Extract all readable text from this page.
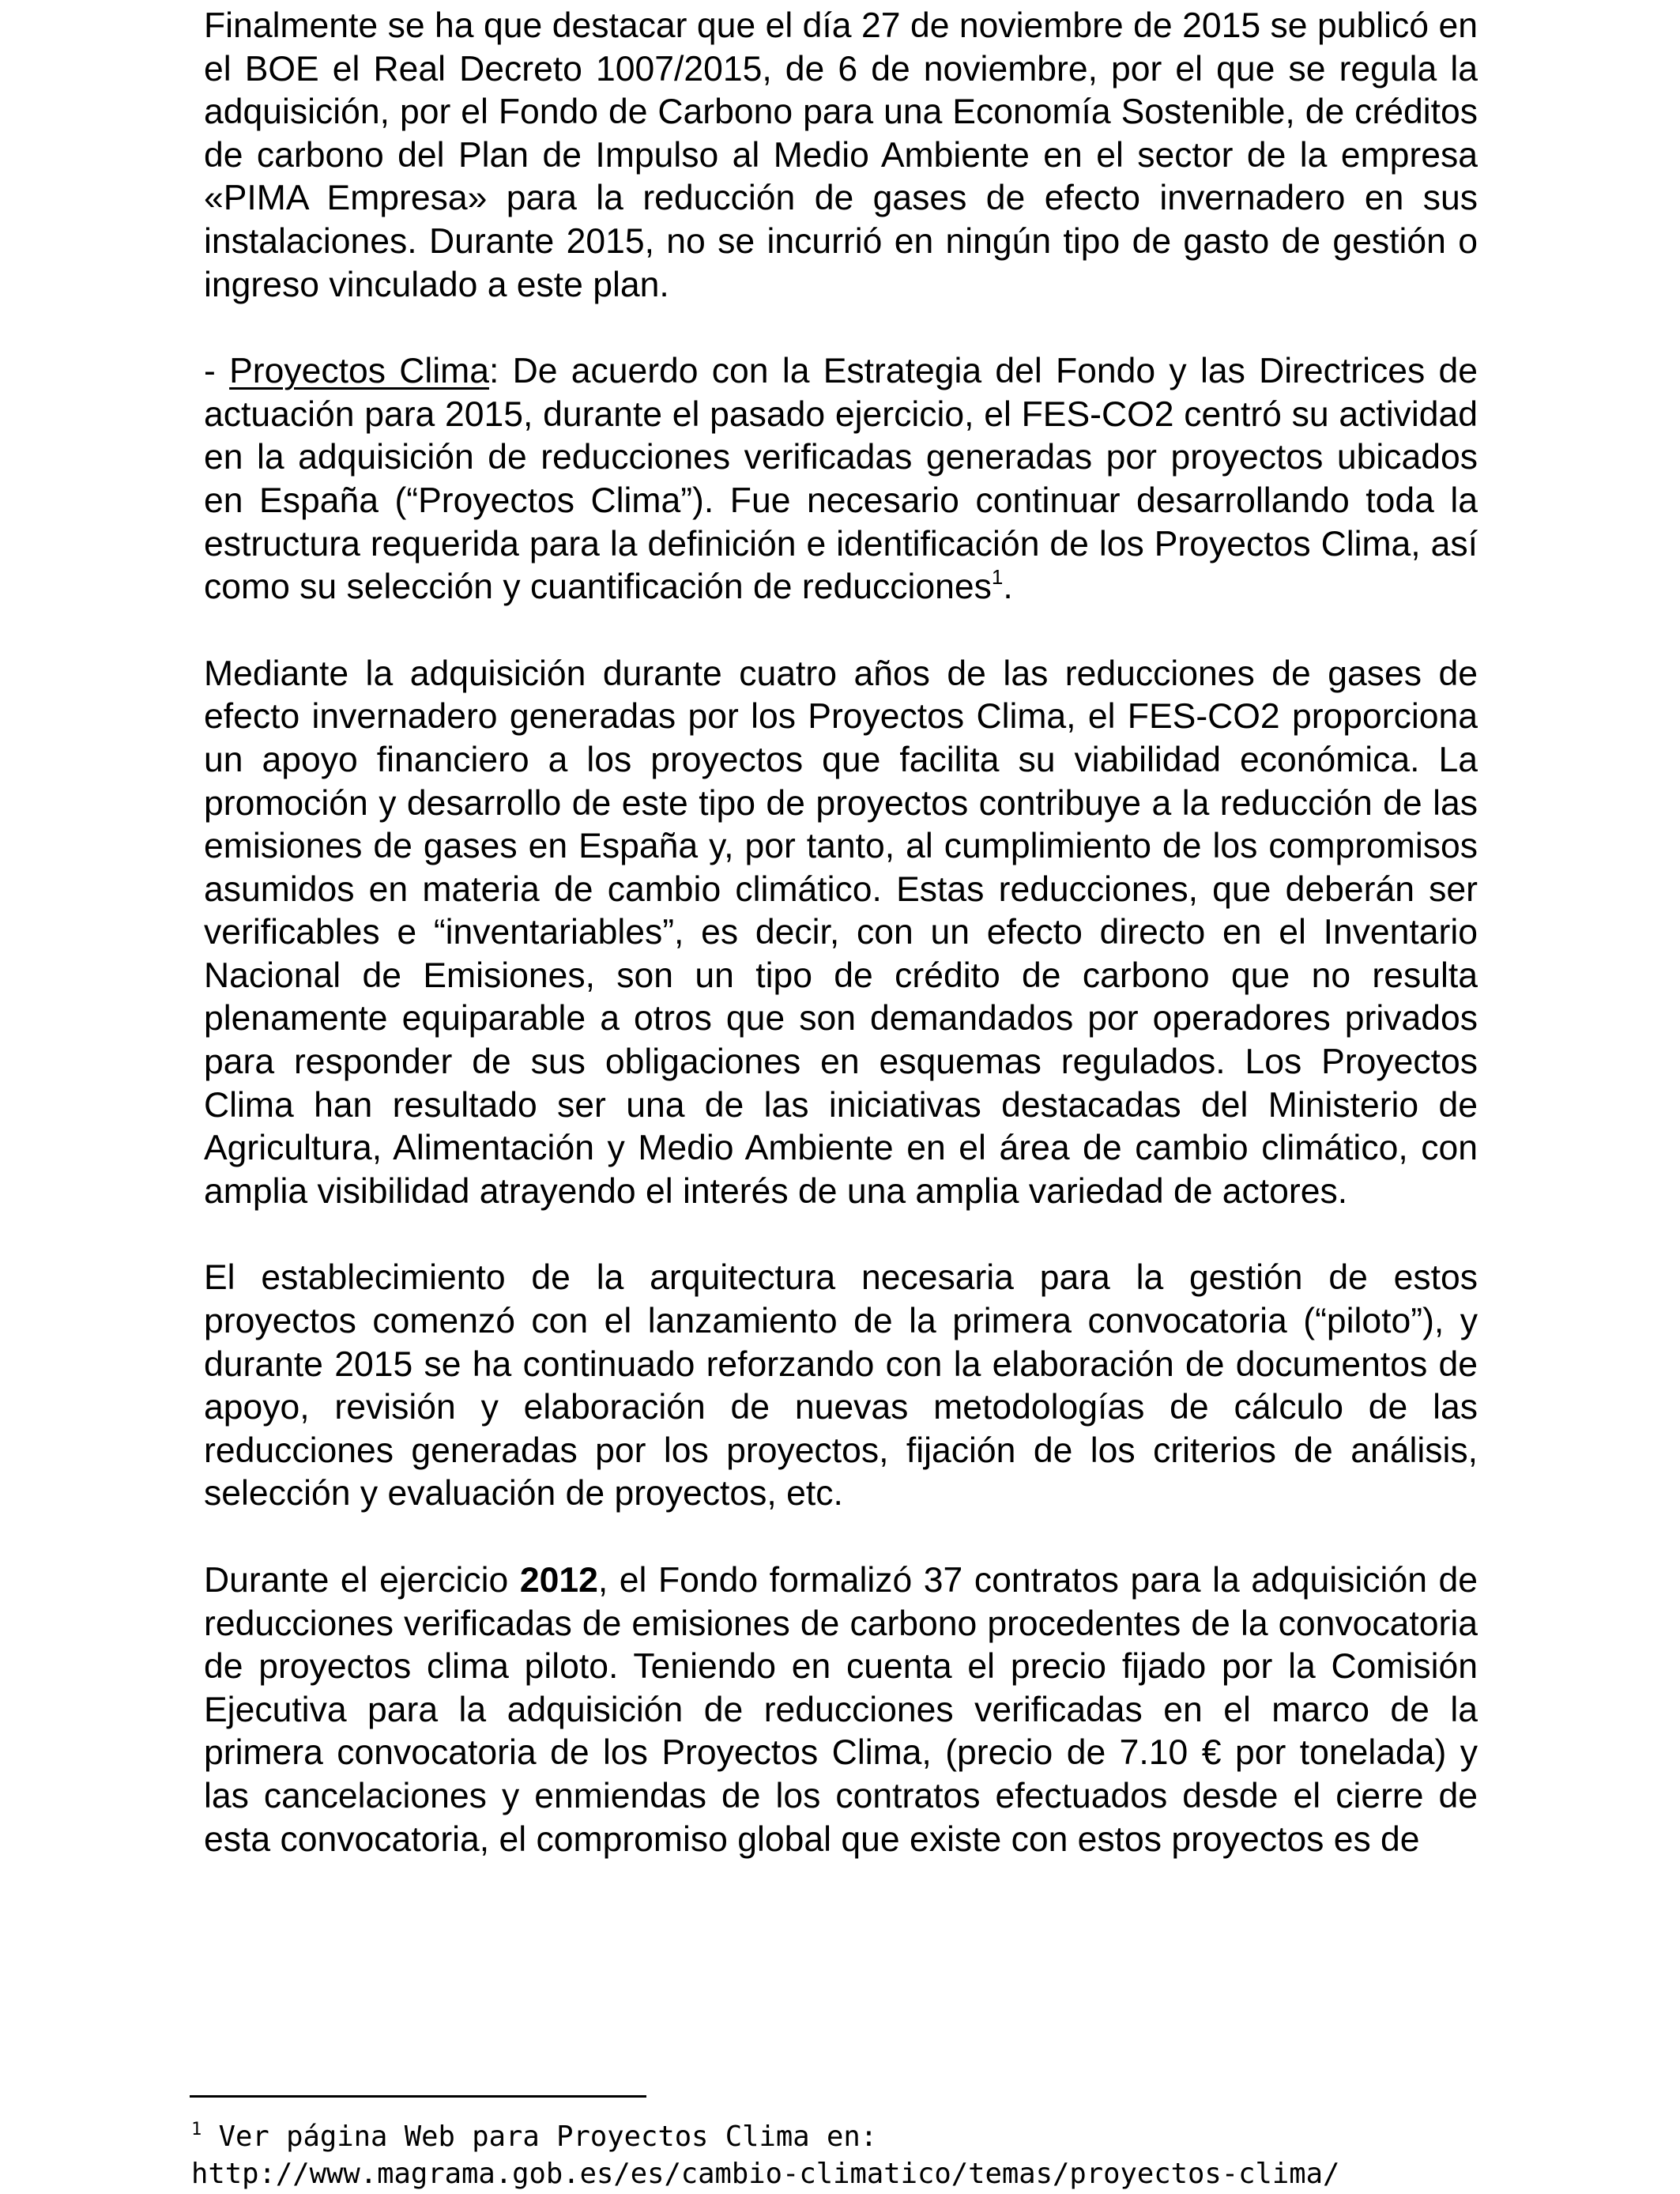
Finalmente se ha que destacar que el día 27 de noviembre de 2015 se publicó en el BOE el Real Decreto 1007/2015, de 6 de noviembre, por el que se regula la adquisición, por el Fondo de Carbono para una Economía Sostenible, de créditos de carbono del Plan de Impulso al Medio Ambiente en el sector de la empresa «PIMA Empresa» para la reducción de gases de efecto invernadero en sus instalaciones. Durante 2015, no se incurrió en ningún tipo de gasto de gestión o ingreso vinculado a este plan.

- Proyectos Clima: De acuerdo con la Estrategia del Fondo y las Directrices de actuación para 2015, durante el pasado ejercicio, el FES-CO2 centró su actividad en la adquisición de reducciones verificadas generadas por proyectos ubicados en España (“Proyectos Clima”). Fue necesario continuar desarrollando toda la estructura requerida para la definición e identificación de los Proyectos Clima, así como su selección y cuantificación de reducciones$^1$.

Mediante la adquisición durante cuatro años de las reducciones de gases de efecto invernadero generadas por los Proyectos Clima, el FES-CO2 proporciona un apoyo financiero a los proyectos que facilita su viabilidad económica. La promoción y desarrollo de este tipo de proyectos contribuye a la reducción de las emisiones de gases en España y, por tanto, al cumplimiento de los compromisos asumidos en materia de cambio climático. Estas reducciones, que deberán ser verificables e “inventariables”, es decir, con un efecto directo en el Inventario Nacional de Emisiones, son un tipo de crédito de carbono que no resulta plenamente equiparable a otros que son demandados por operadores privados para responder de sus obligaciones en esquemas regulados. Los Proyectos Clima han resultado ser una de las iniciativas destacadas del Ministerio de Agricultura, Alimentación y Medio Ambiente en el área de cambio climático, con amplia visibilidad atrayendo el interés de una amplia variedad de actores.

El establecimiento de la arquitectura necesaria para la gestión de estos proyectos comenzó con el lanzamiento de la primera convocatoria (“piloto”), y durante 2015 se ha continuado reforzando con la elaboración de documentos de apoyo, revisión y elaboración de nuevas metodologías de cálculo de las reducciones generadas por los proyectos, fijación de los criterios de análisis, selección y evaluación de proyectos, etc.

Durante el ejercicio 2012, el Fondo formalizó 37 contratos para la adquisición de reducciones verificadas de emisiones de carbono procedentes de la convocatoria de proyectos clima piloto. Teniendo en cuenta el precio fijado por la Comisión Ejecutiva para la adquisición de reducciones verificadas en el marco de la primera convocatoria de los Proyectos Clima, (precio de 7.10 € por tonelada) y las cancelaciones y enmiendas de los contratos efectuados desde el cierre de esta convocatoria, el compromiso global que existe con estos proyectos es de

$^1$ Ver página Web para Proyectos Clima en:
http://www.magrama.gob.es/es/cambio-climatico/temas/proyectos-clima/
